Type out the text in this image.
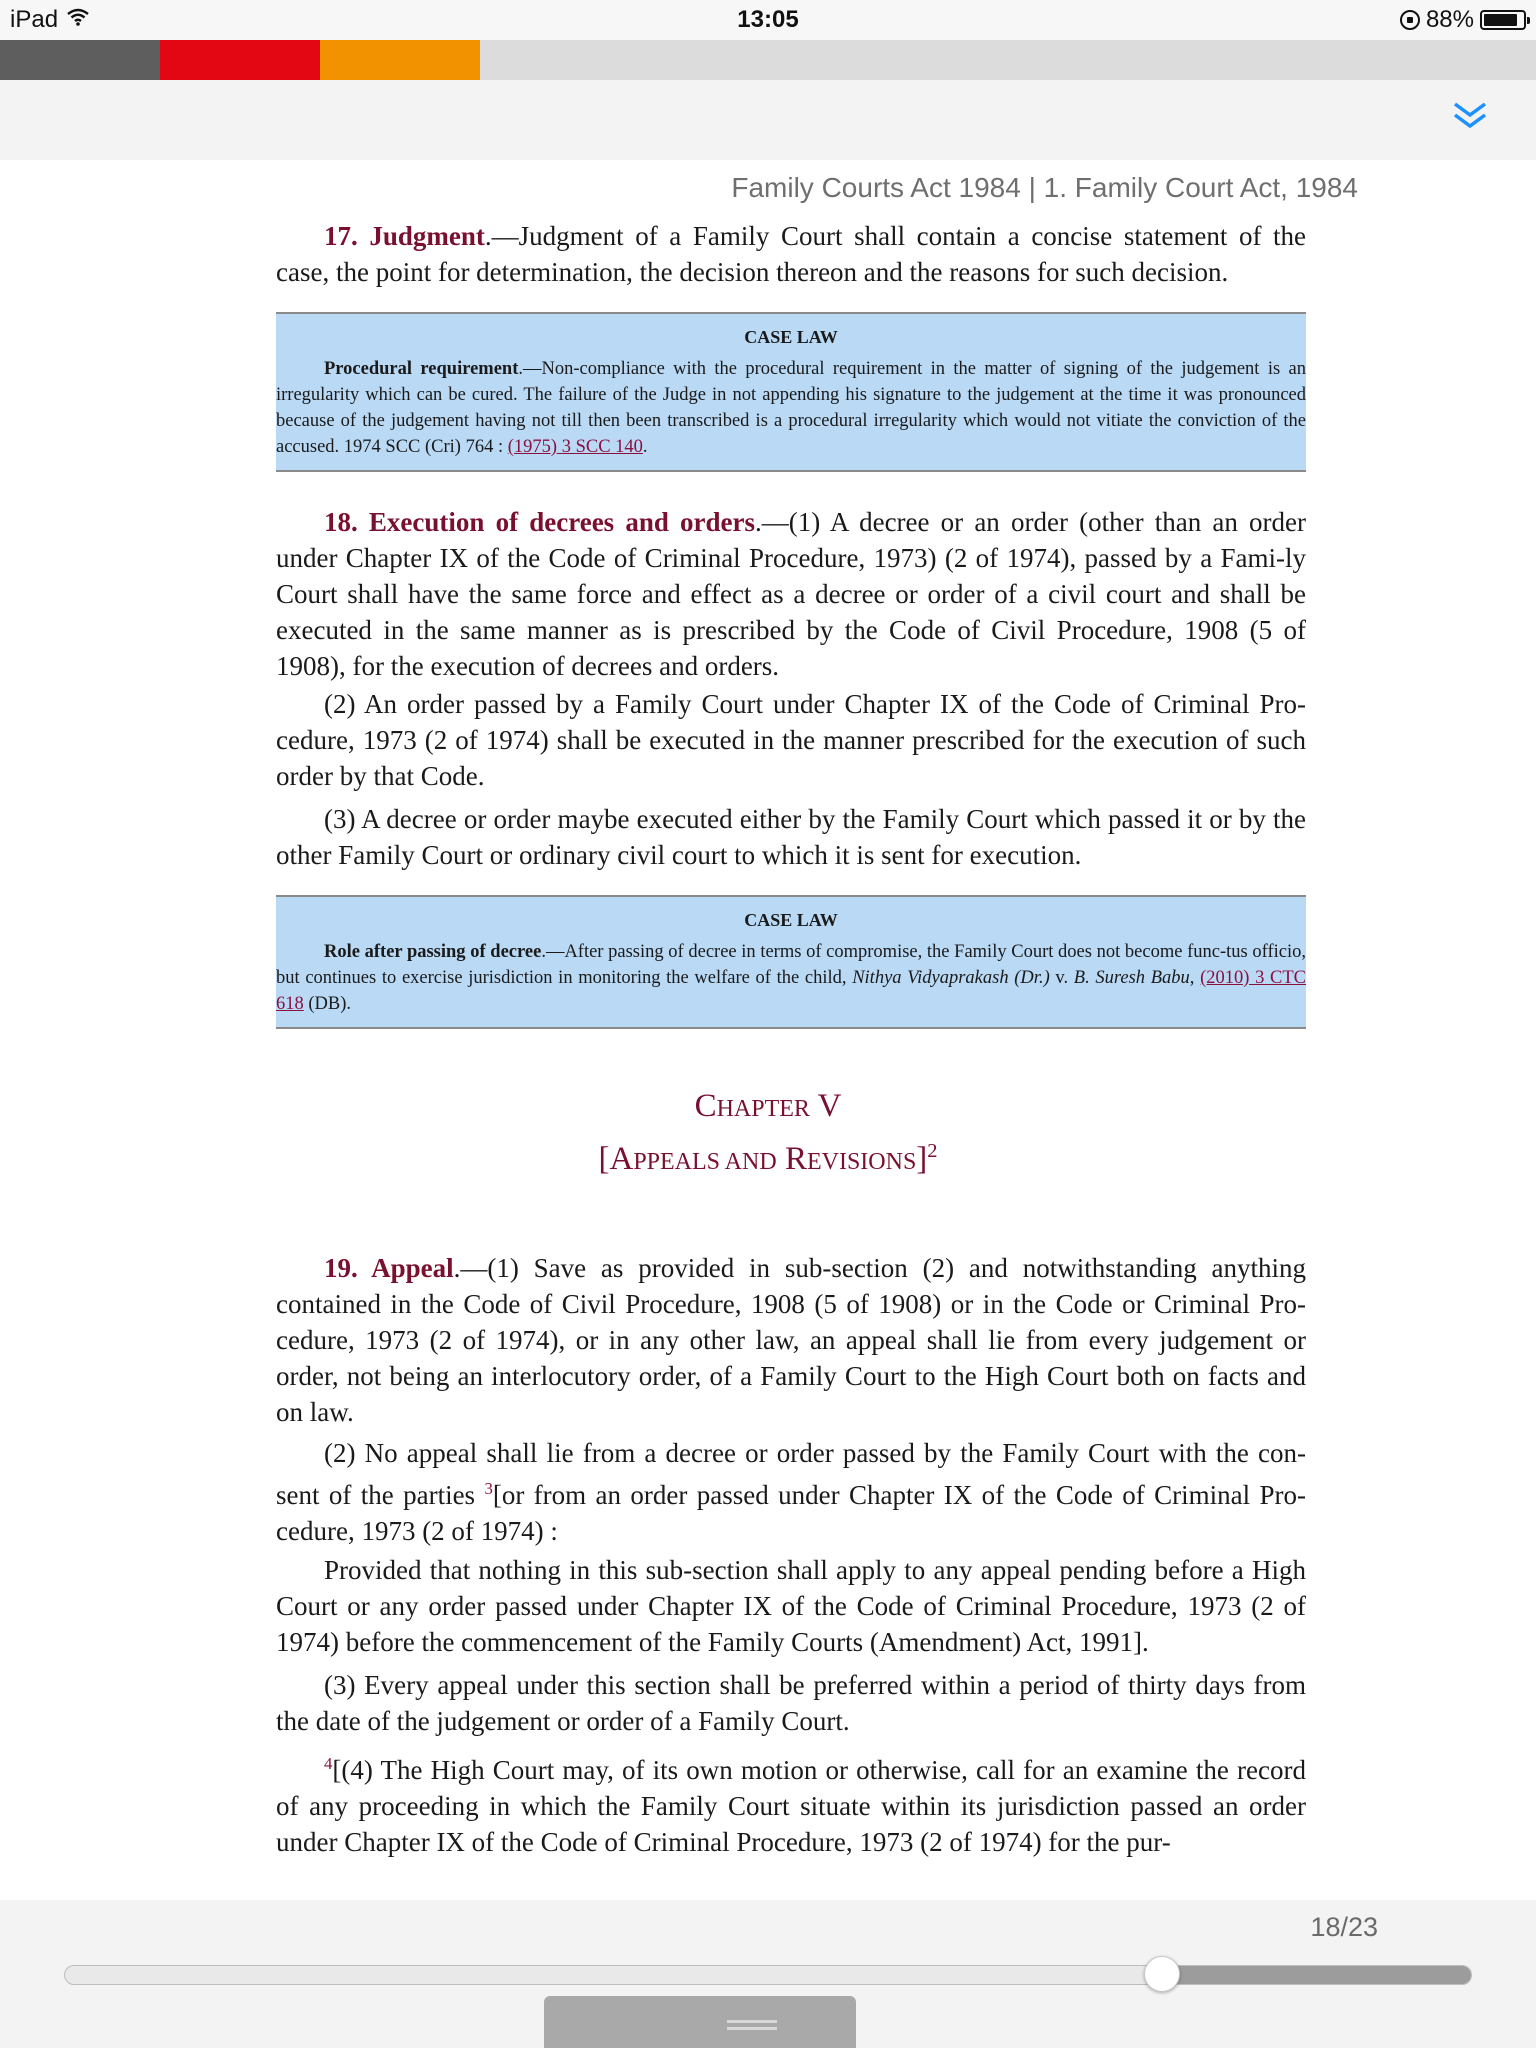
iPad	13:05	88%
Family Courts Act 1984 | 1. Family Court Act, 1984

17. Judgment.—Judgment of a Family Court shall contain a concise statement of the case, the point for determination, the decision thereon and the reasons for such decision.

CASE LAW

Procedural requirement.—Non-compliance with the procedural requirement in the matter of signing of the judgement is an irregularity which can be cured. The failure of the Judge in not appending his signature to the judgement at the time it was pronounced because of the judgement having not till then been transcribed is a procedural irregularity which would not vitiate the conviction of the accused. 1974 SCC (Cri) 764 : (1975) 3 SCC 140.

18. Execution of decrees and orders.—(1) A decree or an order (other than an order under Chapter IX of the Code of Criminal Procedure, 1973) (2 of 1974), passed by a Fami-ly Court shall have the same force and effect as a decree or order of a civil court and shall be executed in the same manner as is prescribed by the Code of Civil Procedure, 1908 (5 of 1908), for the execution of decrees and orders.

(2) An order passed by a Family Court under Chapter IX of the Code of Criminal Pro-cedure, 1973 (2 of 1974) shall be executed in the manner prescribed for the execution of such order by that Code.

(3) A decree or order maybe executed either by the Family Court which passed it or by the other Family Court or ordinary civil court to which it is sent for execution.

CASE LAW

Role after passing of decree.—After passing of decree in terms of compromise, the Family Court does not become func-tus officio, but continues to exercise jurisdiction in monitoring the welfare of the child, Nithya Vidyaprakash (Dr.) v. B. Suresh Babu, (2010) 3 CTC 618 (DB).

CHAPTER V
[APPEALS AND REVISIONS]$^2$

19. Appeal.—(1) Save as provided in sub-section (2) and notwithstanding anything contained in the Code of Civil Procedure, 1908 (5 of 1908) or in the Code or Criminal Pro-cedure, 1973 (2 of 1974), or in any other law, an appeal shall lie from every judgement or order, not being an interlocutory order, of a Family Court to the High Court both on facts and on law.

(2) No appeal shall lie from a decree or order passed by the Family Court with the con-sent of the parties $^3$[or from an order passed under Chapter IX of the Code of Criminal Pro-cedure, 1973 (2 of 1974) :

Provided that nothing in this sub-section shall apply to any appeal pending before a High Court or any order passed under Chapter IX of the Code of Criminal Procedure, 1973 (2 of 1974) before the commencement of the Family Courts (Amendment) Act, 1991].

(3) Every appeal under this section shall be preferred within a period of thirty days from the date of the judgement or order of a Family Court.

$^4$[(4) The High Court may, of its own motion or otherwise, call for an examine the record of any proceeding in which the Family Court situate within its jurisdiction passed an order under Chapter IX of the Code of Criminal Procedure, 1973 (2 of 1974) for the pur-

18/23
